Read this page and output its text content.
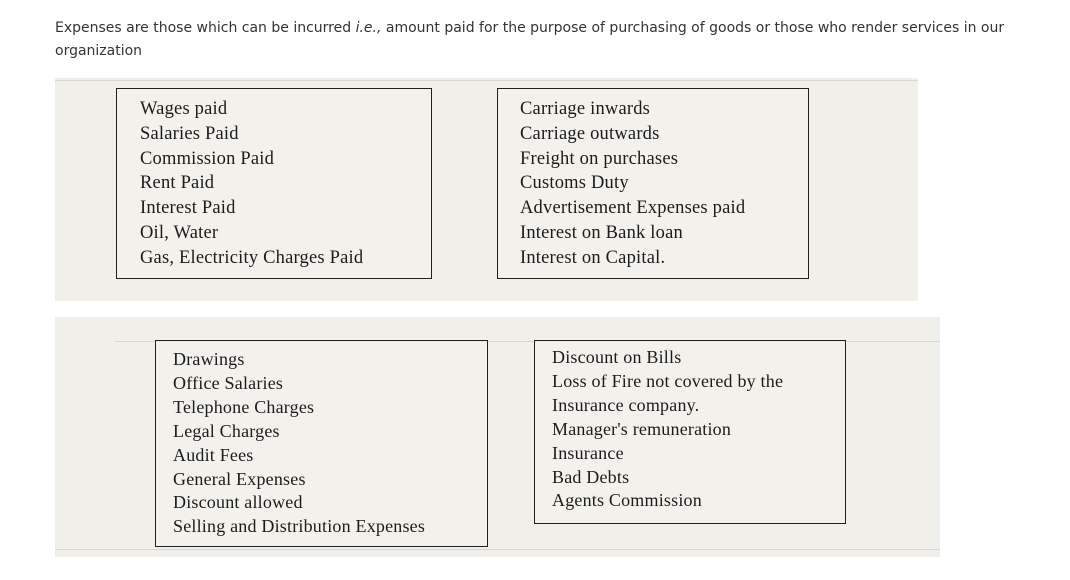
Expenses are those which can be incurred i.e., amount paid for the purpose of purchasing of goods or those who render services in our organization

Wages paid
Salaries Paid
Commission Paid
Rent Paid
Interest Paid
Oil, Water
Gas, Electricity Charges Paid
Carriage inwards
Carriage outwards
Freight on purchases
Customs Duty
Advertisement Expenses paid
Interest on Bank loan
Interest on Capital.
Drawings
Office Salaries
Telephone Charges
Legal Charges
Audit Fees
General Expenses
Discount allowed
Selling and Distribution Expenses
Discount on Bills
Loss of Fire not covered by the
Insurance company.
Manager's remuneration
Insurance
Bad Debts
Agents Commission
